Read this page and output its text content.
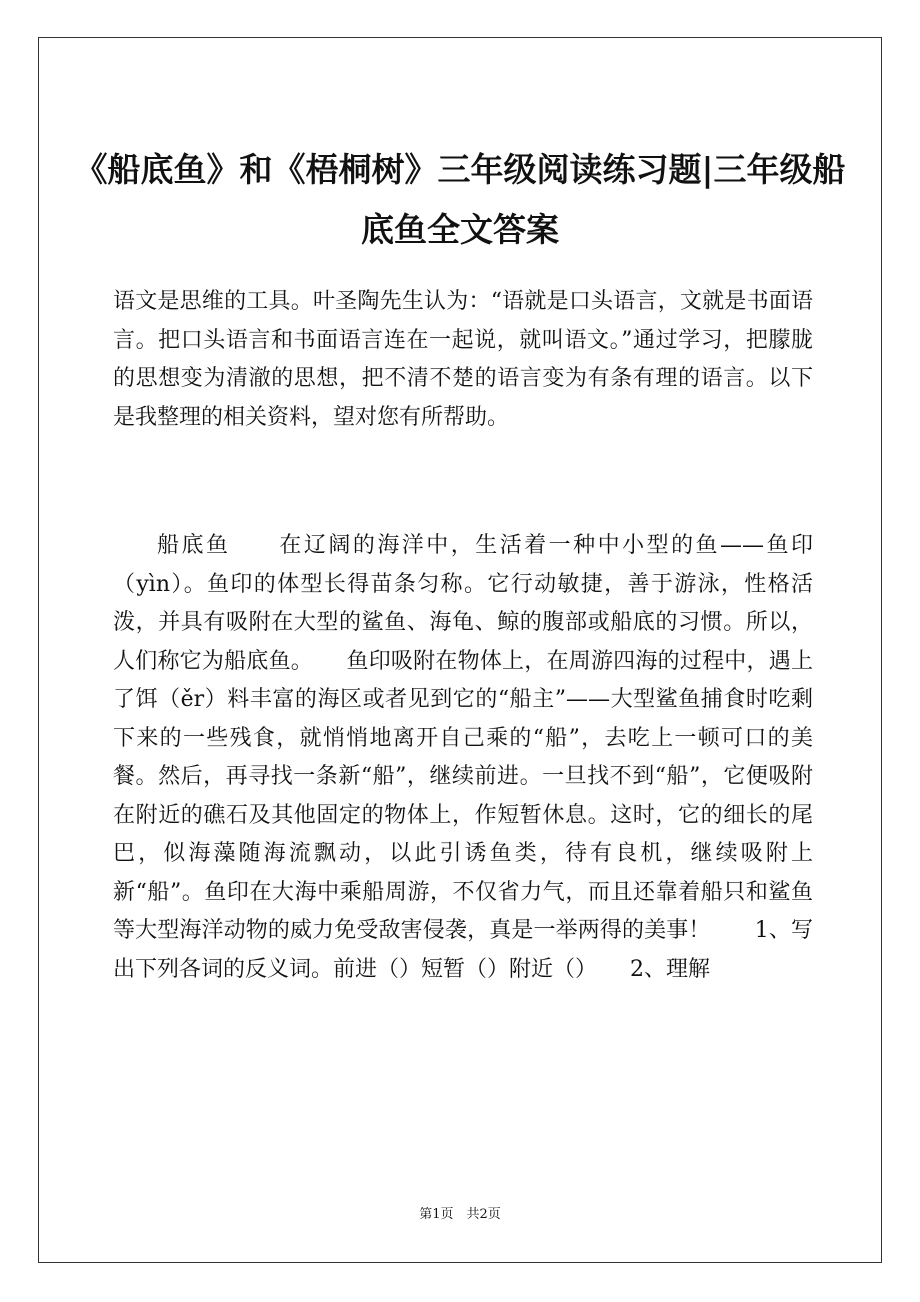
《船底鱼》和《梧桐树》三年级阅读练习题|三年级船底鱼全文答案

语文是思维的工具。叶圣陶先生认为：“语就是口头语言，文就是书面语言。把口头语言和书面语言连在一起说，就叫语文。”通过学习，把朦胧的思想变为清澈的思想，把不清不楚的语言变为有条有理的语言。以下是我整理的相关资料，望对您有所帮助。

船底鱼　　在辽阔的海洋中，生活着一种中小型的鱼——鱼印（yìn）。鱼印的体型长得苗条匀称。它行动敏捷，善于游泳，性格活泼，并具有吸附在大型的鲨鱼、海龟、鲸的腹部或船底的习惯。所以，人们称它为船底鱼。　　鱼印吸附在物体上，在周游四海的过程中，遇上了饵（ěr）料丰富的海区或者见到它的“船主”——大型鲨鱼捕食时吃剩下来的一些残食，就悄悄地离开自己乘的“船”，去吃上一顿可口的美餐。然后，再寻找一条新“船”，继续前进。一旦找不到“船”，它便吸附在附近的礁石及其他固定的物体上，作短暂休息。这时，它的细长的尾巴，似海藻随海流飘动，以此引诱鱼类，待有良机，继续吸附上新“船”。鱼印在大海中乘船周游，不仅省力气，而且还靠着船只和鲨鱼等大型海洋动物的威力免受敌害侵袭，真是一举两得的美事！　　1、写出下列各词的反义词。前进（）短暂（）附近（）　　2、理解

第1页　共2页
